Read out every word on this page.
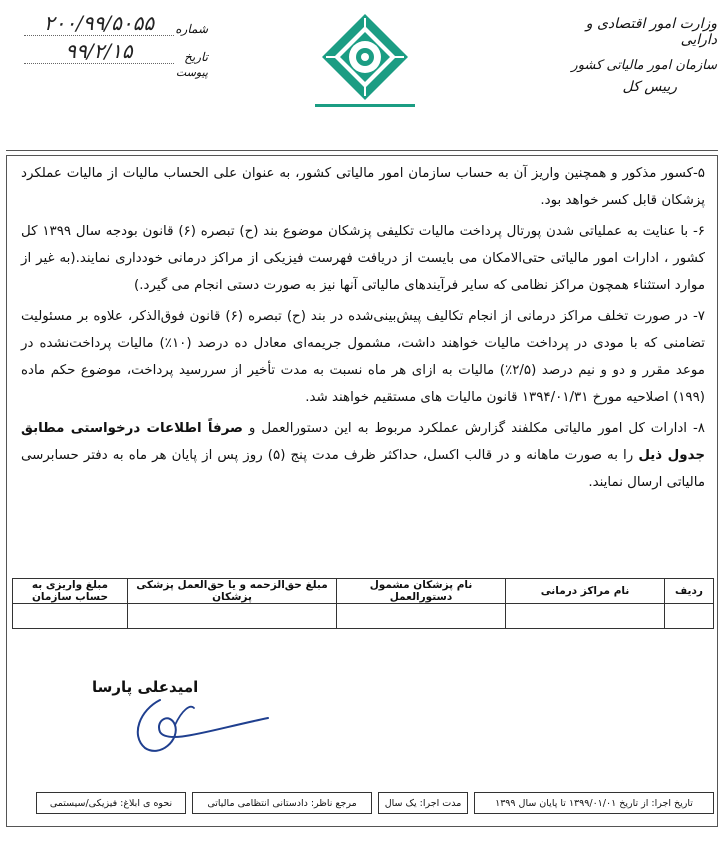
وزارت امور اقتصادی و دارایی
سازمان امور مالیاتی کشور
رییس کل
شماره
۲۰۰/۹۹/۵۰۵۵
تاریخ
۹۹/۲/۱۵
پیوست

۵-کسور مذکور و همچنین واریز آن به حساب سازمان امور مالیاتی کشور، به عنوان علی الحساب مالیات از مالیات عملکرد پزشکان قابل کسر خواهد بود.

۶- با عنایت به عملیاتی شدن پورتال پرداخت مالیات تکلیفی پزشکان موضوع بند (ح) تبصره (۶) قانون بودجه سال ۱۳۹۹ کل کشور ، ادارات امور مالیاتی حتی‌الامکان می بایست از دریافت فهرست فیزیکی از مراکز درمانی خودداری نمایند.(به غیر از موارد استثناء همچون مراکز نظامی که سایر فرآیندهای مالیاتی آنها نیز به صورت دستی انجام می گیرد.)

۷- در صورت تخلف مراکز درمانی از انجام تکالیف پیش‌بینی‌شده در بند (ح) تبصره (۶) قانون فوق‌الذکر، علاوه بر مسئولیت تضامنی که با مودی در پرداخت مالیات خواهند داشت، مشمول جریمه‌ای معادل ده درصد (۱۰٪) مالیات پرداخت‌نشده در موعد مقرر و دو و نیم درصد (۲/۵٪) مالیات به ازای هر ماه نسبت به مدت تأخیر از سررسید پرداخت، موضوع حکم ماده (۱۹۹) اصلاحیه مورخ ۱۳۹۴/۰۱/۳۱ قانون مالیات های مستقیم خواهند شد.

۸- ادارات کل امور مالیاتی مکلفند گزارش عملکرد مربوط به این دستورالعمل و صرفاً اطلاعات درخواستی مطابق جدول ذیل را به صورت ماهانه و در قالب اکسل، حداکثر ظرف مدت پنج (۵) روز پس از پایان هر ماه به دفتر حسابرسی مالیاتی ارسال نمایند.

ردیف	نام مراکز درمانی	نام پزشکان مشمول دستورالعمل	مبلغ حق‌الزحمه و یا حق‌العمل پزشکی پزشکان	مبلغ واریزی به حساب سازمان

امیدعلی پارسا
تاریخ اجرا: از تاریخ ۱۳۹۹/۰۱/۰۱ تا پایان سال ۱۳۹۹
مدت اجرا: یک سال
مرجع ناظر: دادستانی انتظامی مالیاتی
نحوه ی ابلاغ: فیزیکی/سیستمی
